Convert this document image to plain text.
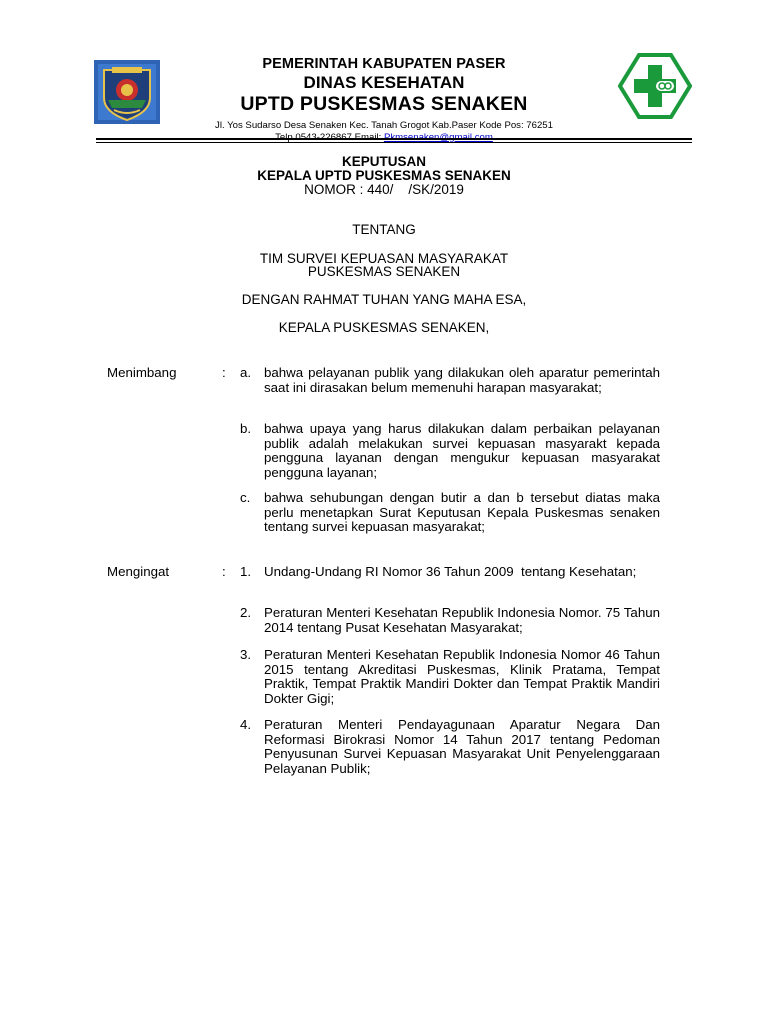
PEMERINTAH KABUPATEN PASER
DINAS KESEHATAN
UPTD PUSKESMAS SENAKEN
Jl. Yos Sudarso Desa Senaken Kec. Tanah Grogot Kab.Paser Kode Pos: 76251
KEPUTUSAN
KEPALA UPTD PUSKESMAS SENAKEN
NOMOR : 440/    /SK/2019
TENTANG
TIM SURVEI KEPUASAN MASYARAKAT
PUSKESMAS SENAKEN
DENGAN RAHMAT TUHAN YANG MAHA ESA,
KEPALA PUSKESMAS SENAKEN,
Menimbang	: a. bahwa pelayanan publik yang dilakukan oleh aparatur pemerintah saat ini dirasakan belum memenuhi harapan masyarakat;
b. bahwa upaya yang harus dilakukan dalam perbaikan pelayanan publik adalah melakukan survei kepuasan masyarakt kepada pengguna layanan dengan mengukur kepuasan masyarakat pengguna layanan;
c. bahwa sehubungan dengan butir a dan b tersebut diatas maka perlu menetapkan Surat Keputusan Kepala Puskesmas senaken tentang survei kepuasan masyarakat;
Mengingat	: 1. Undang-Undang RI Nomor 36 Tahun 2009  tentang Kesehatan;
2. Peraturan Menteri Kesehatan Republik Indonesia Nomor. 75 Tahun 2014 tentang Pusat Kesehatan Masyarakat;
3. Peraturan Menteri Kesehatan Republik Indonesia Nomor 46 Tahun 2015 tentang Akreditasi Puskesmas, Klinik Pratama, Tempat Praktik, Tempat Praktik Mandiri Dokter dan Tempat Praktik Mandiri Dokter Gigi;
4. Peraturan Menteri Pendayagunaan Aparatur Negara Dan Reformasi Birokrasi Nomor 14 Tahun 2017 tentang Pedoman Penyusunan Survei Kepuasan Masyarakat Unit Penyelenggaraan Pelayanan Publik;
